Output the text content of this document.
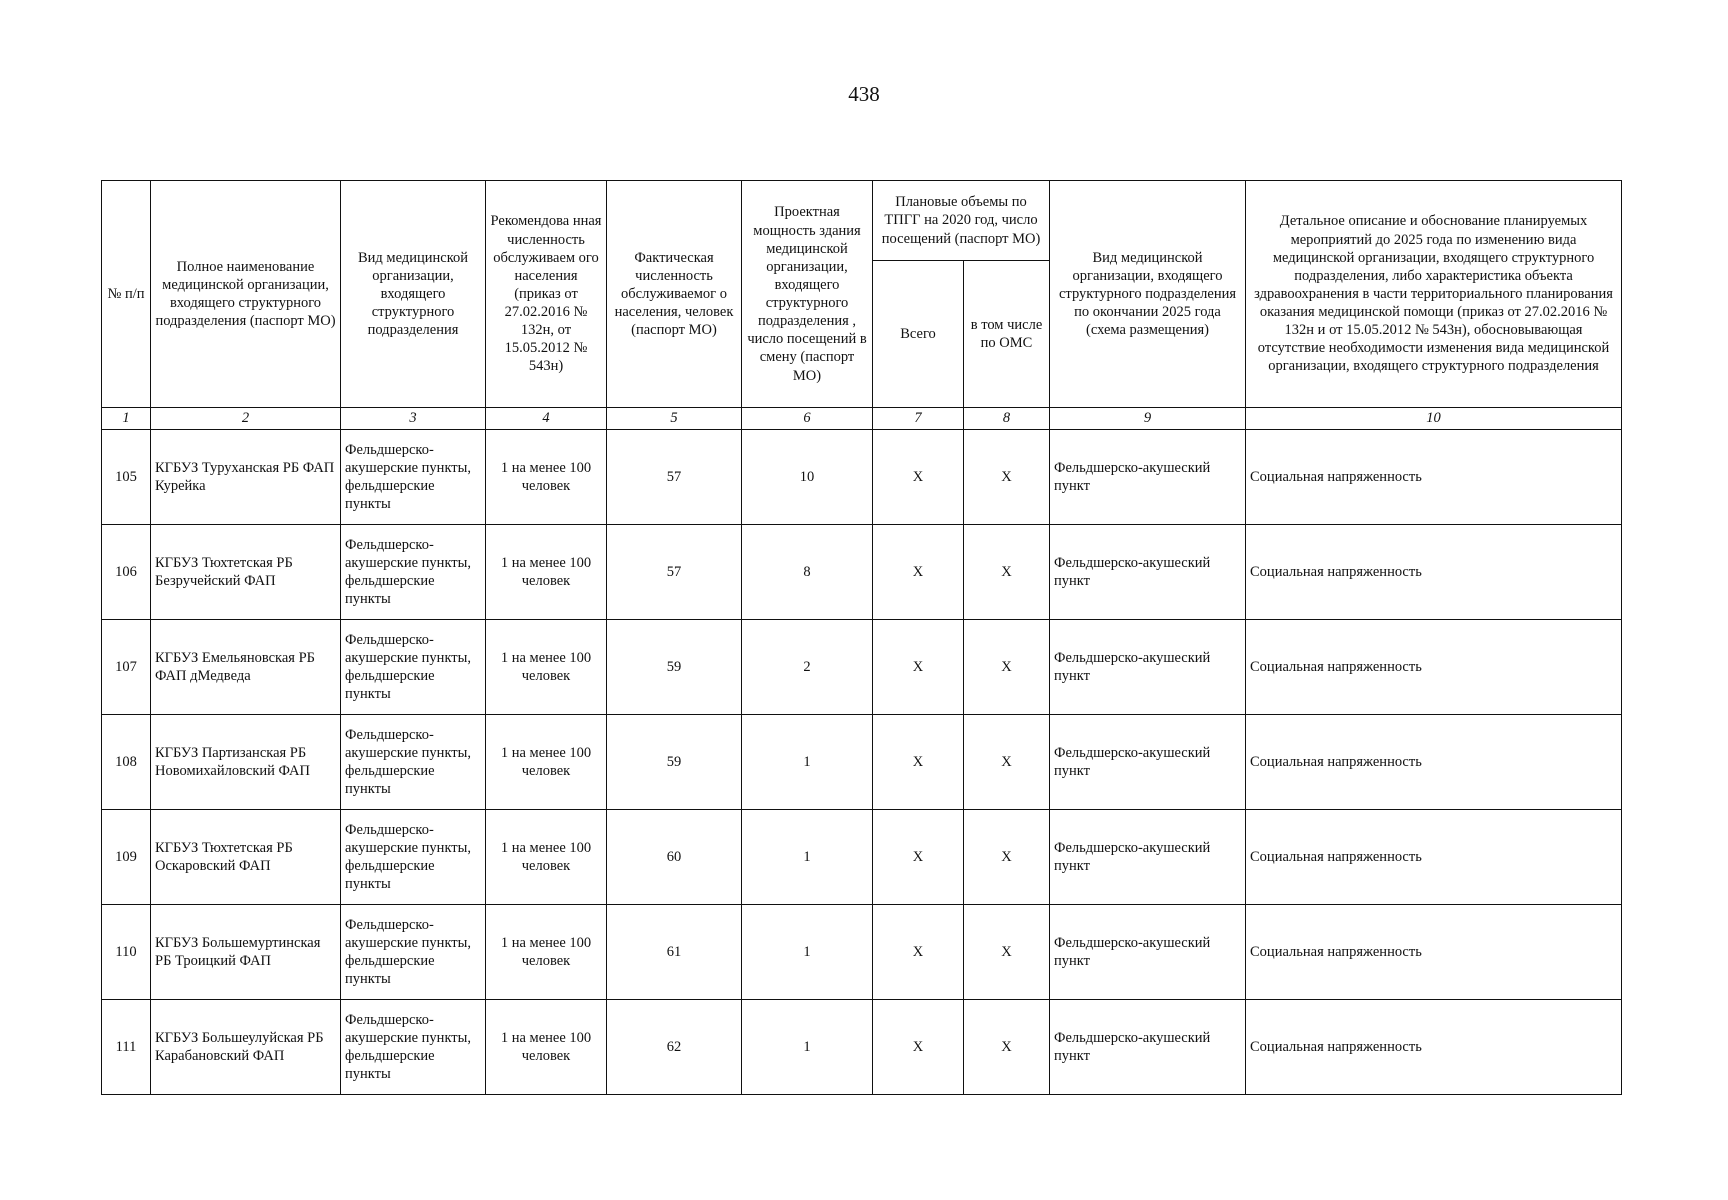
438
№ п/п	Полное наименование медицинской организации, входящего структурного подразделения (паспорт МО)	Вид медицинской организации, входящего структурного подразделения	Рекомендова нная численность обслуживаем ого населения (приказ от 27.02.2016 № 132н, от 15.05.2012 № 543н)	Фактическая численность обслуживаемог о населения, человек (паспорт МО)	Проектная мощность здания медицинской организации, входящего структурного подразделения , число посещений в смену (паспорт МО)	Плановые объемы по ТПГГ на 2020 год, число посещений (паспорт МО)		Вид медицинской организации, входящего структурного подразделения по окончании 2025 года (схема размещения)	Детальное описание и обоснование планируемых мероприятий до 2025 года по изменению вида медицинской организации, входящего структурного подразделения, либо характеристика объекта здравоохранения в части территориального планирования оказания медицинской помощи (приказ от 27.02.2016 № 132н и от 15.05.2012 № 543н), обосновывающая отсутствие необходимости изменения вида медицинской организации, входящего структурного подразделения
						Всего	в том числе по ОМС		
1	2	3	4	5	6	7	8	9	10
105	КГБУЗ Туруханская РБ ФАП Курейка	Фельдшерско-акушерские пункты, фельдшерские пункты	1 на менее 100 человек	57	10	X	X	Фельдшерско-акушеский пункт	Социальная напряженность
106	КГБУЗ Тюхтетская РБ Безручейский ФАП	Фельдшерско-акушерские пункты, фельдшерские пункты	1 на менее 100 человек	57	8	X	X	Фельдшерско-акушеский пункт	Социальная напряженность
107	КГБУЗ Емельяновская РБ ФАП дМедведа	Фельдшерско-акушерские пункты, фельдшерские пункты	1 на менее 100 человек	59	2	X	X	Фельдшерско-акушеский пункт	Социальная напряженность
108	КГБУЗ Партизанская РБ Новомихайловский ФАП	Фельдшерско-акушерские пункты, фельдшерские пункты	1 на менее 100 человек	59	1	X	X	Фельдшерско-акушеский пункт	Социальная напряженность
109	КГБУЗ Тюхтетская РБ Оскаровский ФАП	Фельдшерско-акушерские пункты, фельдшерские пункты	1 на менее 100 человек	60	1	X	X	Фельдшерско-акушеский пункт	Социальная напряженность
110	КГБУЗ Большемуртинская РБ Троицкий ФАП	Фельдшерско-акушерские пункты, фельдшерские пункты	1 на менее 100 человек	61	1	X	X	Фельдшерско-акушеский пункт	Социальная напряженность
111	КГБУЗ Большеулуйская РБ Карабановский ФАП	Фельдшерско-акушерские пункты, фельдшерские пункты	1 на менее 100 человек	62	1	X	X	Фельдшерско-акушеский пункт	Социальная напряженность
